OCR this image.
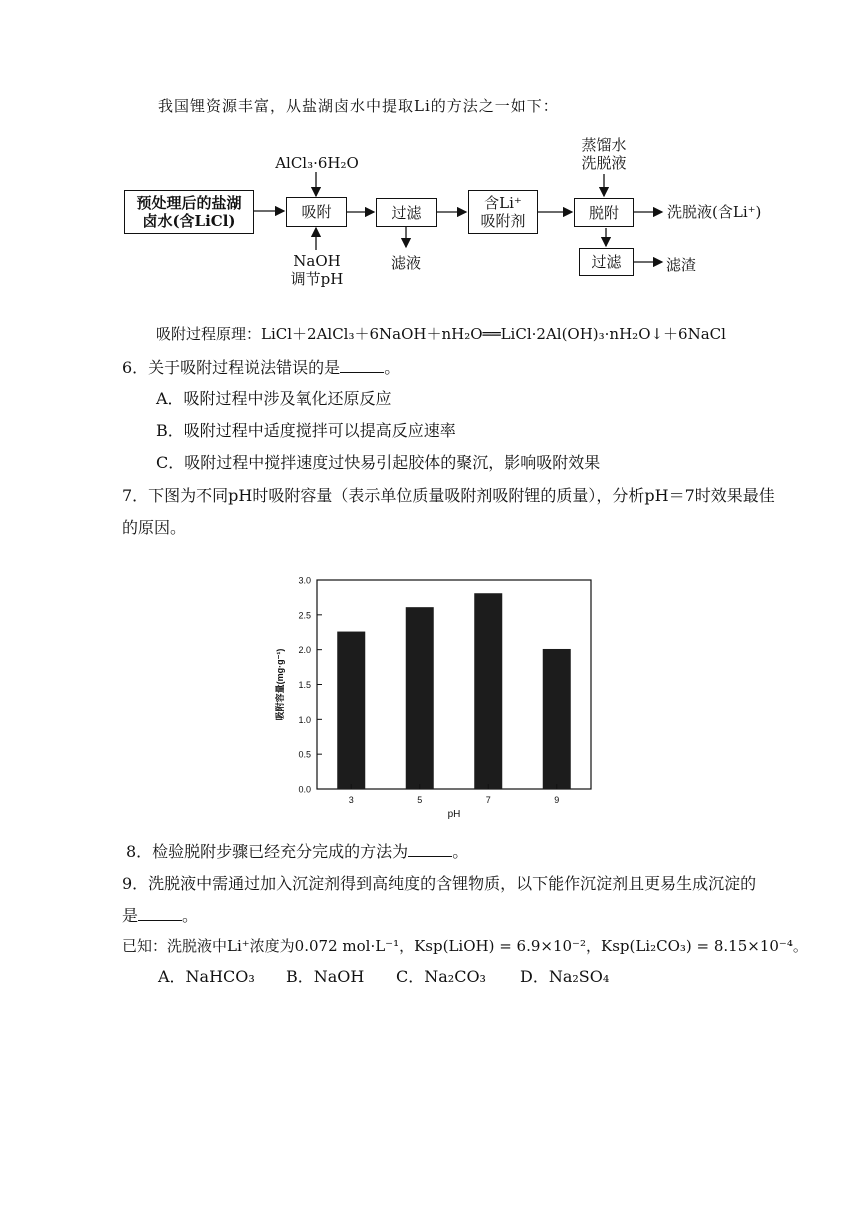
我国锂资源丰富，从盐湖卤水中提取Li的方法之一如下：
预处理后的盐湖
卤水(含LiCl)
AlCl₃·6H₂O
吸附
NaOH
调节pH
过滤
滤液
含Li⁺
吸附剂
蒸馏水
洗脱液
脱附	洗脱液(含Li⁺)
过滤	滤渣
吸附过程原理：LiCl＋2AlCl₃＋6NaOH＋nH₂O══LiCl·2Al(OH)₃·nH₂O↓＋6NaCl
6．关于吸附过程说法错误的是	。
A．吸附过程中涉及氧化还原反应
B．吸附过程中适度搅拌可以提高反应速率
C．吸附过程中搅拌速度过快易引起胶体的聚沉，影响吸附效果
7．下图为不同pH时吸附容量（表示单位质量吸附剂吸附锂的质量），分析pH＝7时效果最佳
的原因。
0.0
0.5
1.0
1.5
2.0
2.5
3.0
3	5	7	9
pH
吸附容量(mg·g⁻¹)
8．检验脱附步骤已经充分完成的方法为	。
9．洗脱液中需通过加入沉淀剂得到高纯度的含锂物质，以下能作沉淀剂且更易生成沉淀的
是	。
已知：洗脱液中Li⁺浓度为0.072 mol·L⁻¹，Ksp(LiOH) = 6.9×10⁻²，Ksp(Li₂CO₃) = 8.15×10⁻⁴。
A．NaHCO₃ B．NaOH C．Na₂CO₃ D．Na₂SO₄
